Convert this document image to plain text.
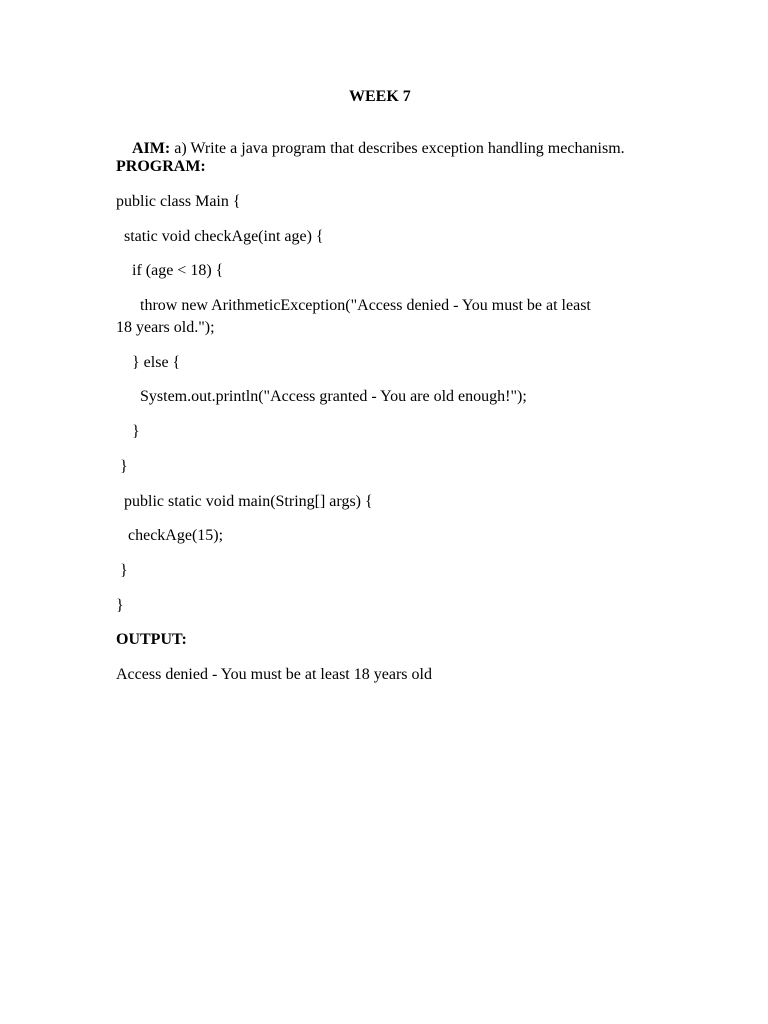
WEEK 7

AIM: a) Write a java program that describes exception handling mechanism.

PROGRAM:
public class Main {
static void checkAge(int age) {
if (age < 18) {
throw new ArithmeticException("Access denied - You must be at least
18 years old.");
} else {
System.out.println("Access granted - You are old enough!");
}
}
public static void main(String[] args) {
checkAge(15);
}
}
OUTPUT:
Access denied - You must be at least 18 years old
